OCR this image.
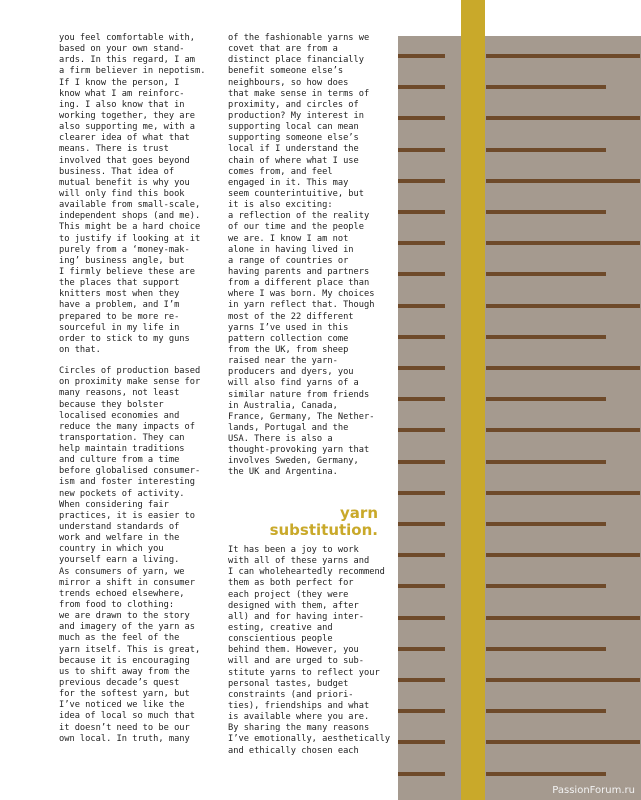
you feel comfortable with,
based on your own stand-
ards. In this regard, I am
a firm believer in nepotism.
If I know the person, I
know what I am reinforc-
ing. I also know that in
working together, they are
also supporting me, with a
clearer idea of what that
means. There is trust
involved that goes beyond
business. That idea of
mutual benefit is why you
will only find this book
available from small-scale,
independent shops (and me).
This might be a hard choice
to justify if looking at it
purely from a ‘money-mak-
ing’ business angle, but
I firmly believe these are
the places that support
knitters most when they
have a problem, and I’m
prepared to be more re-
sourceful in my life in
order to stick to my guns
on that.
Circles of production based
on proximity make sense for
many reasons, not least
because they bolster
localised economies and
reduce the many impacts of
transportation. They can
help maintain traditions
and culture from a time
before globalised consumer-
ism and foster interesting
new pockets of activity.
When considering fair
practices, it is easier to
understand standards of
work and welfare in the
country in which you
yourself earn a living.
As consumers of yarn, we
mirror a shift in consumer
trends echoed elsewhere,
from food to clothing:
we are drawn to the story
and imagery of the yarn as
much as the feel of the
yarn itself. This is great,
because it is encouraging
us to shift away from the
previous decade’s quest
for the softest yarn, but
I’ve noticed we like the
idea of local so much that
it doesn’t need to be our
own local. In truth, many
of the fashionable yarns we
covet that are from a
distinct place financially
benefit someone else’s
neighbours, so how does
that make sense in terms of
proximity, and circles of
production? My interest in
supporting local can mean
supporting someone else’s
local if I understand the
chain of where what I use
comes from, and feel
engaged in it. This may
seem counterintuitive, but
it is also exciting:
a reflection of the reality
of our time and the people
we are. I know I am not
alone in having lived in
a range of countries or
having parents and partners
from a different place than
where I was born. My choices
in yarn reflect that. Though
most of the 22 different
yarns I’ve used in this
pattern collection come
from the UK, from sheep
raised near the yarn-
producers and dyers, you
will also find yarns of a
similar nature from friends
in Australia, Canada,
France, Germany, The Nether-
lands, Portugal and the
USA. There is also a
thought-provoking yarn that
involves Sweden, Germany,
the UK and Argentina.
yarn
substitution.
It has been a joy to work
with all of these yarns and
I can wholeheartedly recommend
them as both perfect for
each project (they were
designed with them, after
all) and for having inter-
esting, creative and
conscientious people
behind them. However, you
will and are urged to sub-
stitute yarns to reflect your
personal tastes, budget
constraints (and priori-
ties), friendships and what
is available where you are.
By sharing the many reasons
I’ve emotionally, aesthetically
and ethically chosen each
PassionForum.ru
